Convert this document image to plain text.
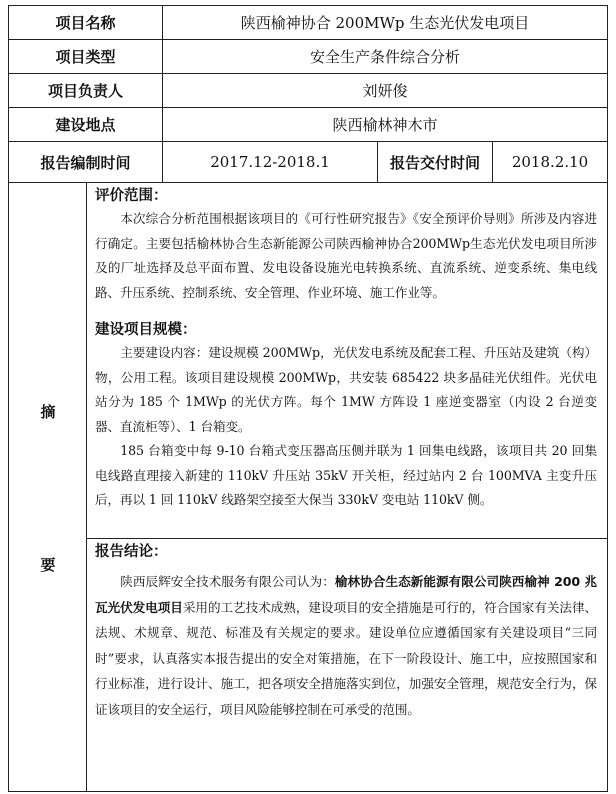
项目名称	陕西榆神协合 200MWp 生态光伏发电项目
项目类型	安全生产条件综合分析
项目负责人	刘妍俊
建设地点	陕西榆林神木市
报告编制时间	2017.12-2018.1	报告交付时间	2018.2.10
摘
要

评价范围：

本次综合分析范围根据该项目的《可行性研究报告》《安全预评价导则》所涉及内容进行确定。主要包括榆林协合生态新能源公司陕西榆神协合200MWp生态光伏发电项目所涉及的厂址选择及总平面布置、发电设备设施光电转换系统、直流系统、逆变系统、集电线路、升压系统、控制系统、安全管理、作业环境、施工作业等。

建设项目规模：

主要建设内容：建设规模 200MWp，光伏发电系统及配套工程、升压站及建筑（构）物，公用工程。该项目建设规模 200MWp，共安装 685422 块多晶硅光伏组件。光伏电站分为 185 个 1MWp 的光伏方阵。每个 1MW 方阵设 1 座逆变器室（内设 2 台逆变器、直流柜等）、1 台箱变。

185 台箱变中每 9-10 台箱式变压器高压侧并联为 1 回集电线路，该项目共 20 回集电线路直理接入新建的 110kV 升压站 35kV 开关柜，经过站内 2 台 100MVA 主变升压后，再以 1 回 110kV 线路架空接至大保当 330kV 变电站 110kV 侧。

报告结论：

陕西辰辉安全技术服务有限公司认为：榆林协合生态新能源有限公司陕西榆神 200 兆瓦光伏发电项目采用的工艺技术成熟，建设项目的安全措施是可行的，符合国家有关法律、法规、术规章、规范、标准及有关规定的要求。建设单位应遵循国家有关建设项目“三同时”要求，认真落实本报告提出的安全对策措施，在下一阶段设计、施工中，应按照国家和行业标准，进行设计、施工，把各项安全措施落实到位，加强安全管理，规范安全行为，保证该项目的安全运行，项目风险能够控制在可承受的范围。
